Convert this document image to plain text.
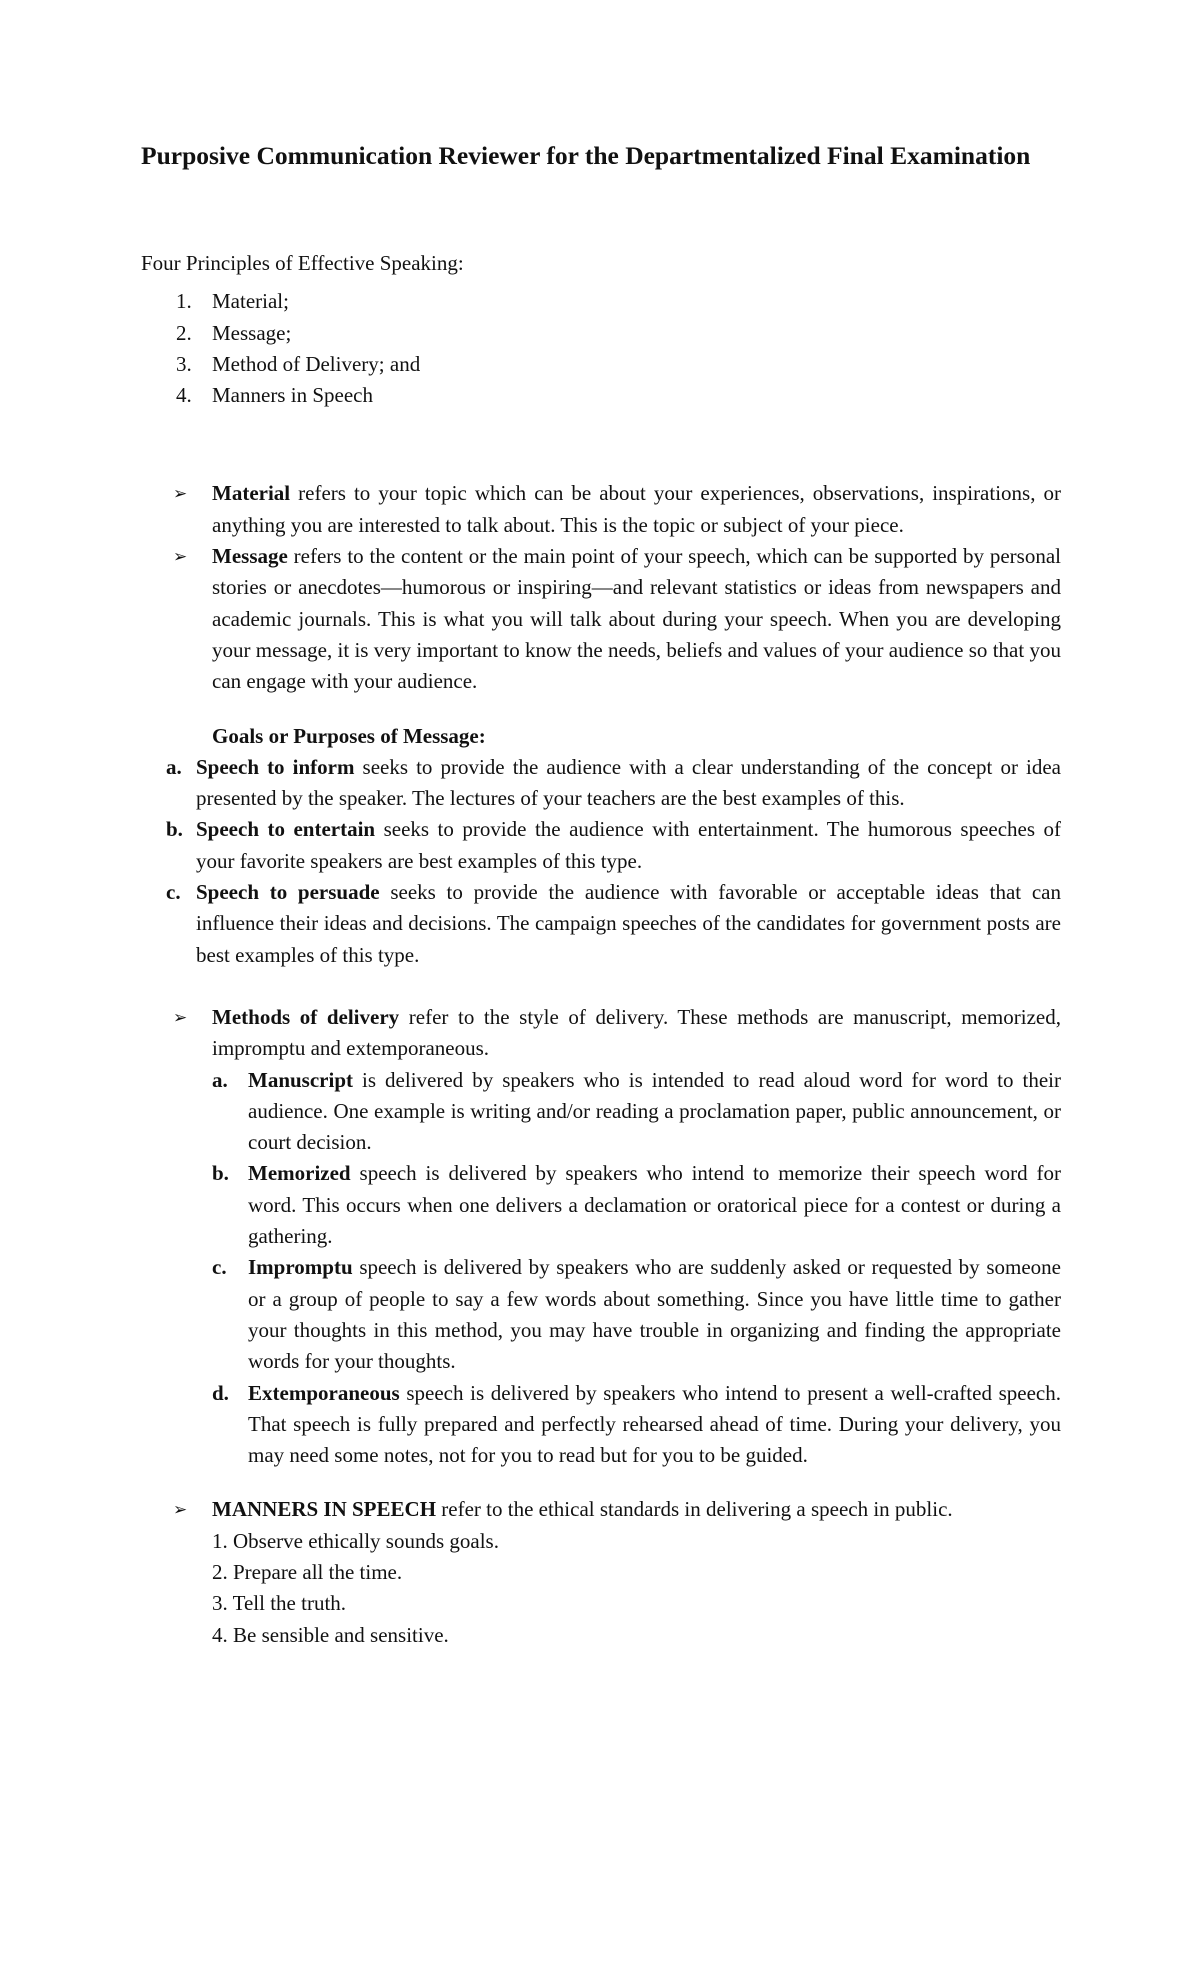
Purposive Communication Reviewer for the Departmentalized Final Examination

Four Principles of Effective Speaking:

1. Material;
2. Message;
3. Method of Delivery; and
4. Manners in Speech

➢ Material refers to your topic which can be about your experiences, observations, inspirations, or anything you are interested to talk about. This is the topic or subject of your piece.

➢ Message refers to the content or the main point of your speech, which can be supported by personal stories or anecdotes—humorous or inspiring—and relevant statistics or ideas from newspapers and academic journals. This is what you will talk about during your speech. When you are developing your message, it is very important to know the needs, beliefs and values of your audience so that you can engage with your audience.

Goals or Purposes of Message:

a. Speech to inform seeks to provide the audience with a clear understanding of the concept or idea presented by the speaker. The lectures of your teachers are the best examples of this.

b. Speech to entertain seeks to provide the audience with entertainment. The humorous speeches of your favorite speakers are best examples of this type.

c. Speech to persuade seeks to provide the audience with favorable or acceptable ideas that can influence their ideas and decisions. The campaign speeches of the candidates for government posts are best examples of this type.

➢ Methods of delivery refer to the style of delivery. These methods are manuscript, memorized, impromptu and extemporaneous.

a. Manuscript is delivered by speakers who is intended to read aloud word for word to their audience. One example is writing and/or reading a proclamation paper, public announcement, or court decision.

b. Memorized speech is delivered by speakers who intend to memorize their speech word for word. This occurs when one delivers a declamation or oratorical piece for a contest or during a gathering.

c. Impromptu speech is delivered by speakers who are suddenly asked or requested by someone or a group of people to say a few words about something. Since you have little time to gather your thoughts in this method, you may have trouble in organizing and finding the appropriate words for your thoughts.

d. Extemporaneous speech is delivered by speakers who intend to present a well-crafted speech. That speech is fully prepared and perfectly rehearsed ahead of time. During your delivery, you may need some notes, not for you to read but for you to be guided.

➢ MANNERS IN SPEECH refer to the ethical standards in delivering a speech in public.

1. Observe ethically sounds goals.

2. Prepare all the time.

3. Tell the truth.

4. Be sensible and sensitive.
